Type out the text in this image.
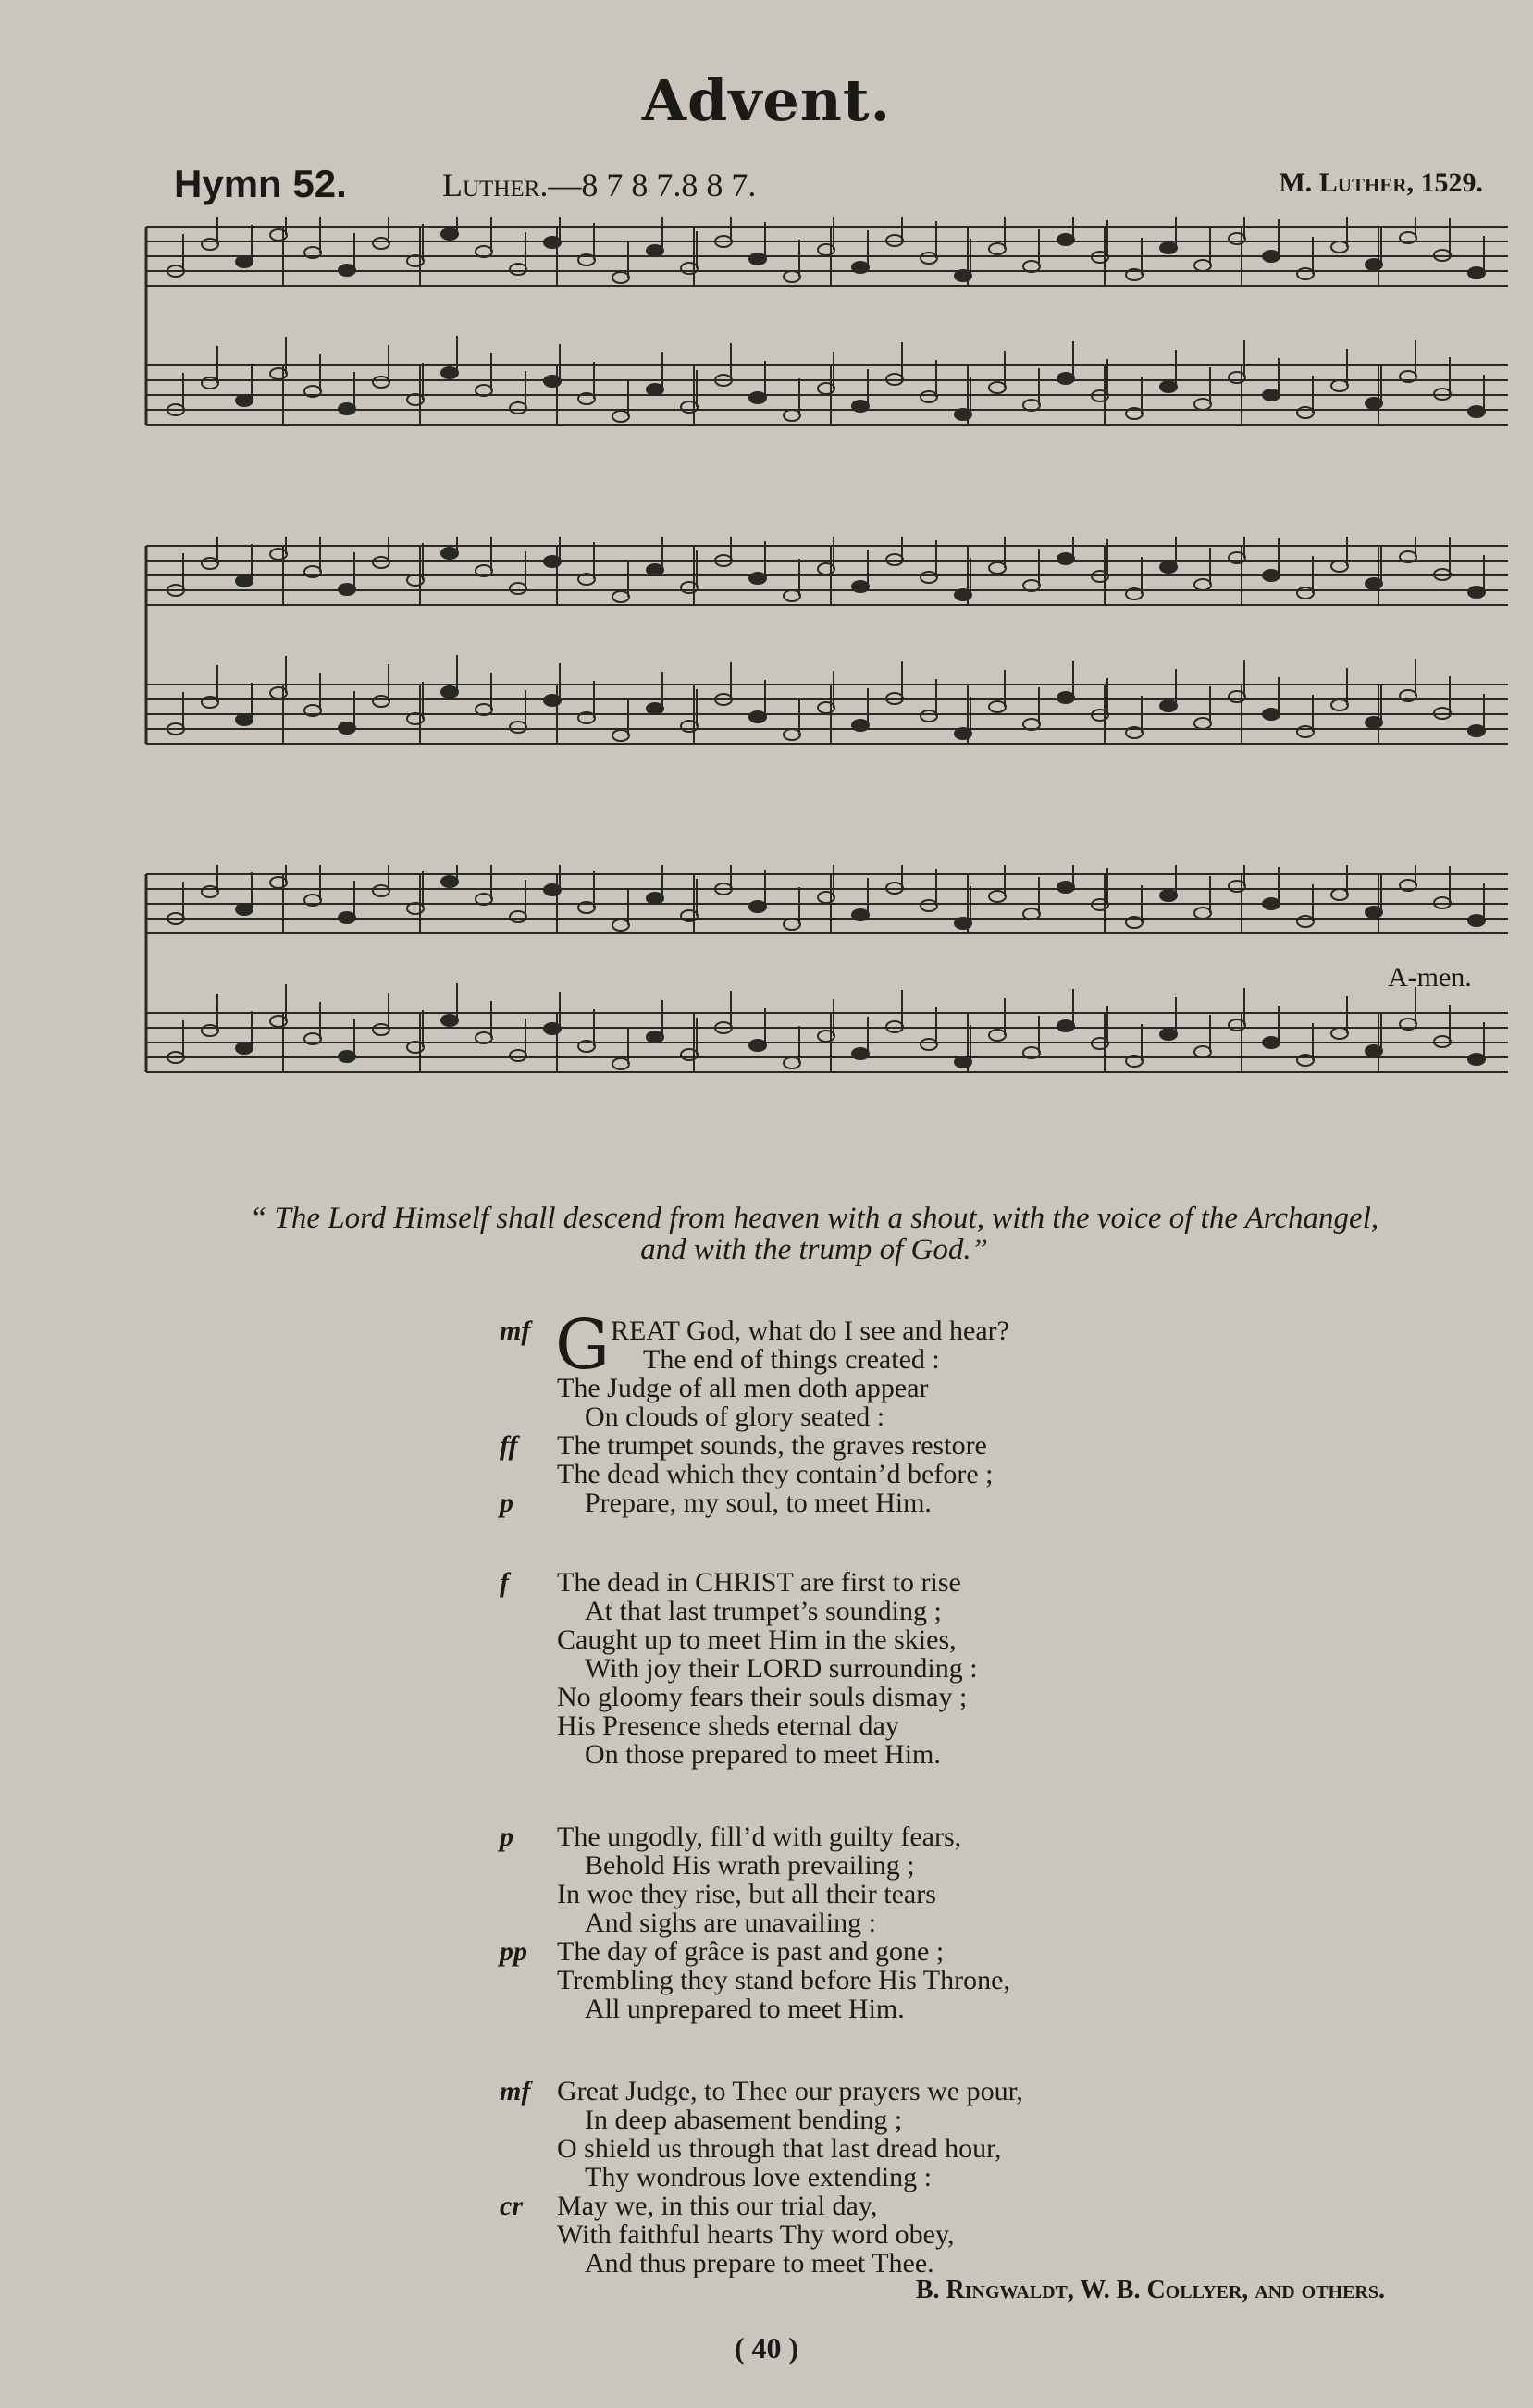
Advent.
Hymn 52.	Luther.—8 7 8 7.8 8 7.	M. Luther, 1529.
A-men.
“ The Lord Himself shall descend from heaven with a shout, with the voice of the Archangel,
and with the trump of God.”
mf G REAT God, what do I see and hear?
The end of things created :
The Judge of all men doth appear
On clouds of glory seated :
ff The trumpet sounds, the graves restore
The dead which they contain’d before ;
p	Prepare, my soul, to meet Him.
f The dead in CHRIST are first to rise
At that last trumpet’s sounding ;
Caught up to meet Him in the skies,
With joy their LORD surrounding :
No gloomy fears their souls dismay ;
His Presence sheds eternal day
On those prepared to meet Him.
p The ungodly, fill’d with guilty fears,
Behold His wrath prevailing ;
In woe they rise, but all their tears
And sighs are unavailing :
pp The day of grâce is past and gone ;
Trembling they stand before His Throne,
All unprepared to meet Him.
mf Great Judge, to Thee our prayers we pour,
In deep abasement bending ;
O shield us through that last dread hour,
Thy wondrous love extending :
cr May we, in this our trial day,
With faithful hearts Thy word obey,
And thus prepare to meet Thee.
B. Ringwaldt, W. B. Collyer, and others.
( 40 )
